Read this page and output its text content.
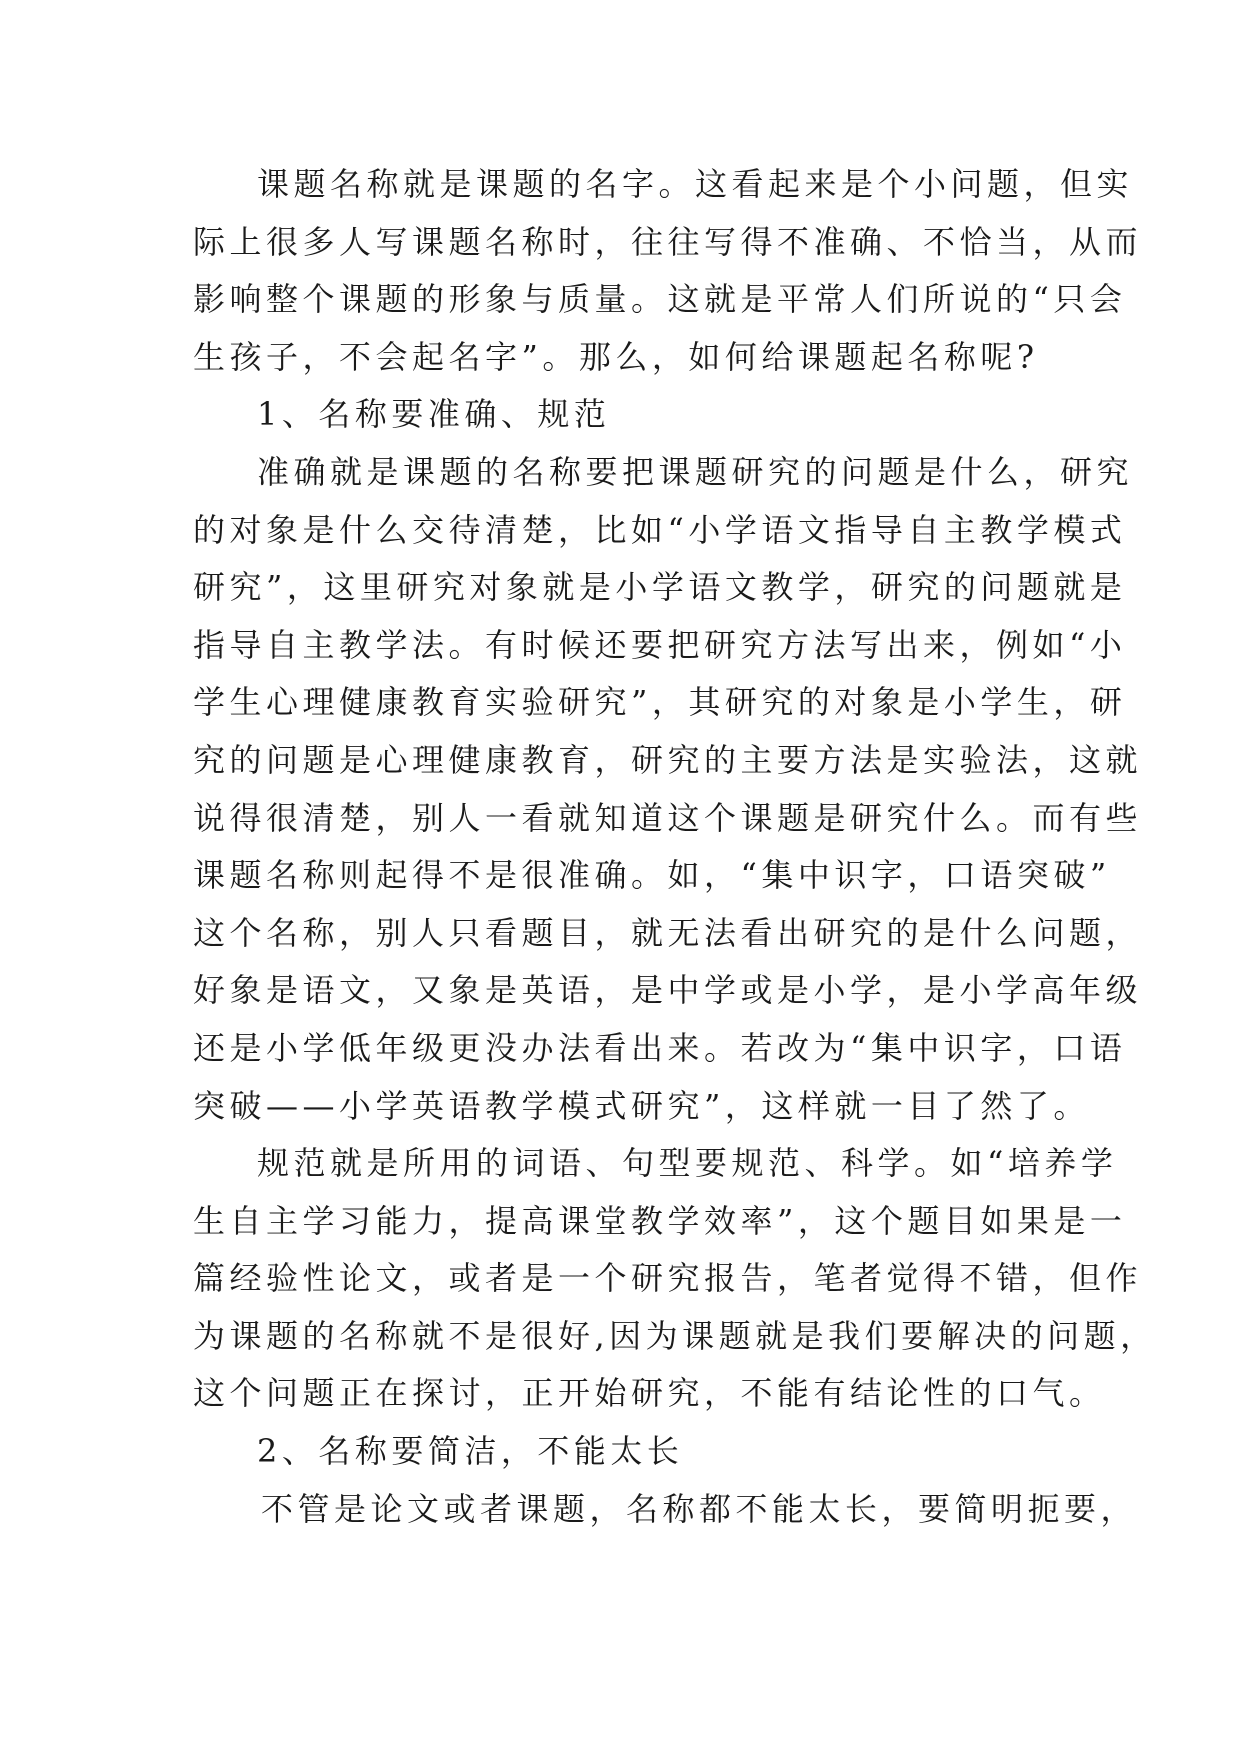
课题名称就是课题的名字。这看起来是个小问题，但实
际上很多人写课题名称时，往往写得不准确、不恰当，从而
影响整个课题的形象与质量。这就是平常人们所说的“只会
生孩子，不会起名字”。那么，如何给课题起名称呢?
1、名称要准确、规范
准确就是课题的名称要把课题研究的问题是什么，研究
的对象是什么交待清楚，比如“小学语文指导自主教学模式
研究”，这里研究对象就是小学语文教学，研究的问题就是
指导自主教学法。有时候还要把研究方法写出来，例如“小
学生心理健康教育实验研究”，其研究的对象是小学生，研
究的问题是心理健康教育，研究的主要方法是实验法，这就
说得很清楚，别人一看就知道这个课题是研究什么。而有些
课题名称则起得不是很准确。如，“集中识字，口语突破”
这个名称，别人只看题目，就无法看出研究的是什么问题，
好象是语文，又象是英语，是中学或是小学，是小学高年级
还是小学低年级更没办法看出来。若改为“集中识字，口语
突破——小学英语教学模式研究”，这样就一目了然了。
规范就是所用的词语、句型要规范、科学。如“培养学
生自主学习能力，提高课堂教学效率”，这个题目如果是一
篇经验性论文，或者是一个研究报告，笔者觉得不错，但作
为课题的名称就不是很好,因为课题就是我们要解决的问题，
这个问题正在探讨，正开始研究，不能有结论性的口气。
2、名称要简洁，不能太长
不管是论文或者课题，名称都不能太长，要简明扼要，
